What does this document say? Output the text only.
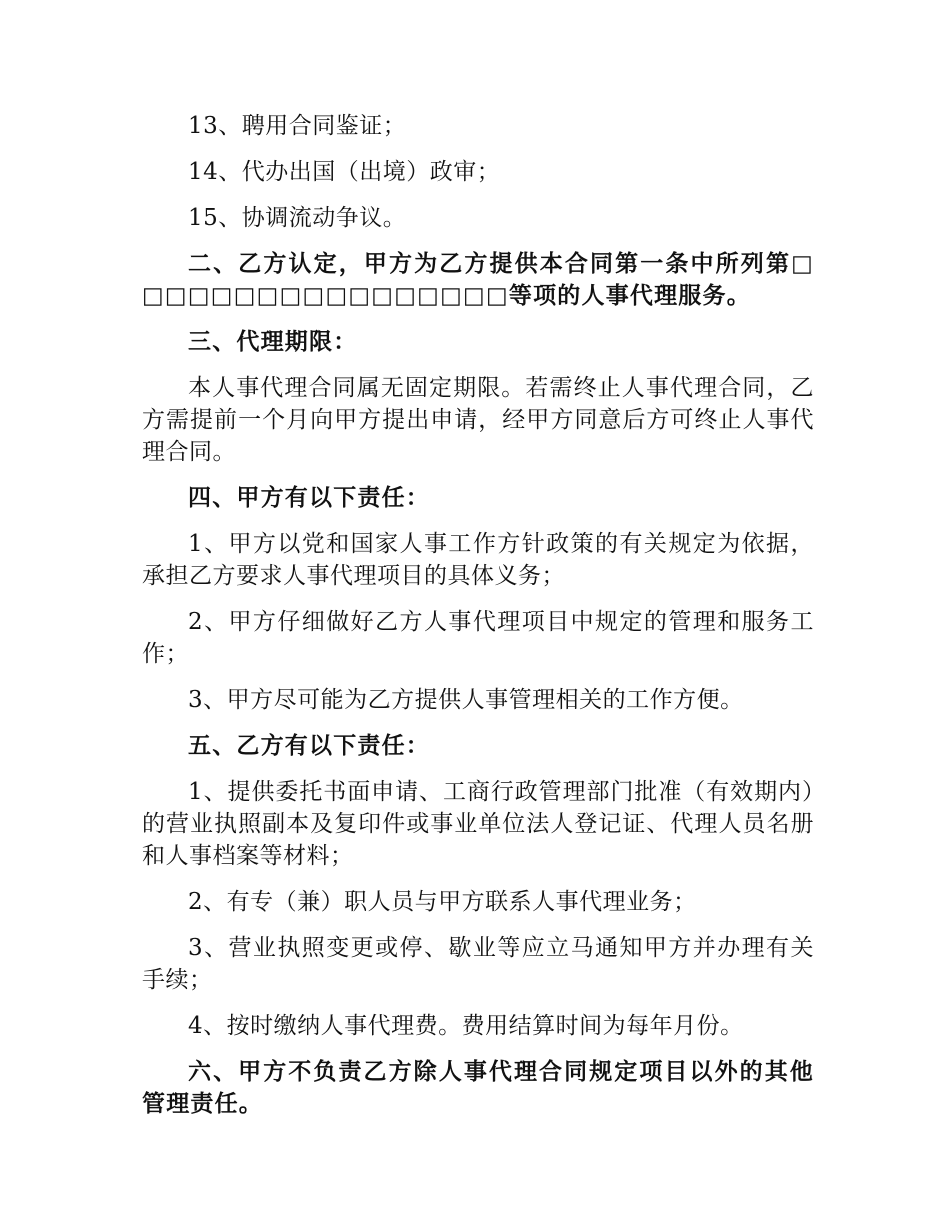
13、聘用合同鉴证；

14、代办出国（出境）政审；

15、协调流动争议。

二、乙方认定，甲方为乙方提供本合同第一条中所列第□□□□□□□□□□□□□□□□□等项的人事代理服务。

三、代理期限：

本人事代理合同属无固定期限。若需终止人事代理合同，乙方需提前一个月向甲方提出申请，经甲方同意后方可终止人事代理合同。

四、甲方有以下责任：

1、甲方以党和国家人事工作方针政策的有关规定为依据，承担乙方要求人事代理项目的具体义务；

2、甲方仔细做好乙方人事代理项目中规定的管理和服务工作；

3、甲方尽可能为乙方提供人事管理相关的工作方便。

五、乙方有以下责任：

1、提供委托书面申请、工商行政管理部门批准（有效期内）的营业执照副本及复印件或事业单位法人登记证、代理人员名册和人事档案等材料；

2、有专（兼）职人员与甲方联系人事代理业务；

3、营业执照变更或停、歇业等应立马通知甲方并办理有关手续；

4、按时缴纳人事代理费。费用结算时间为每年月份。

六、甲方不负责乙方除人事代理合同规定项目以外的其他管理责任。
